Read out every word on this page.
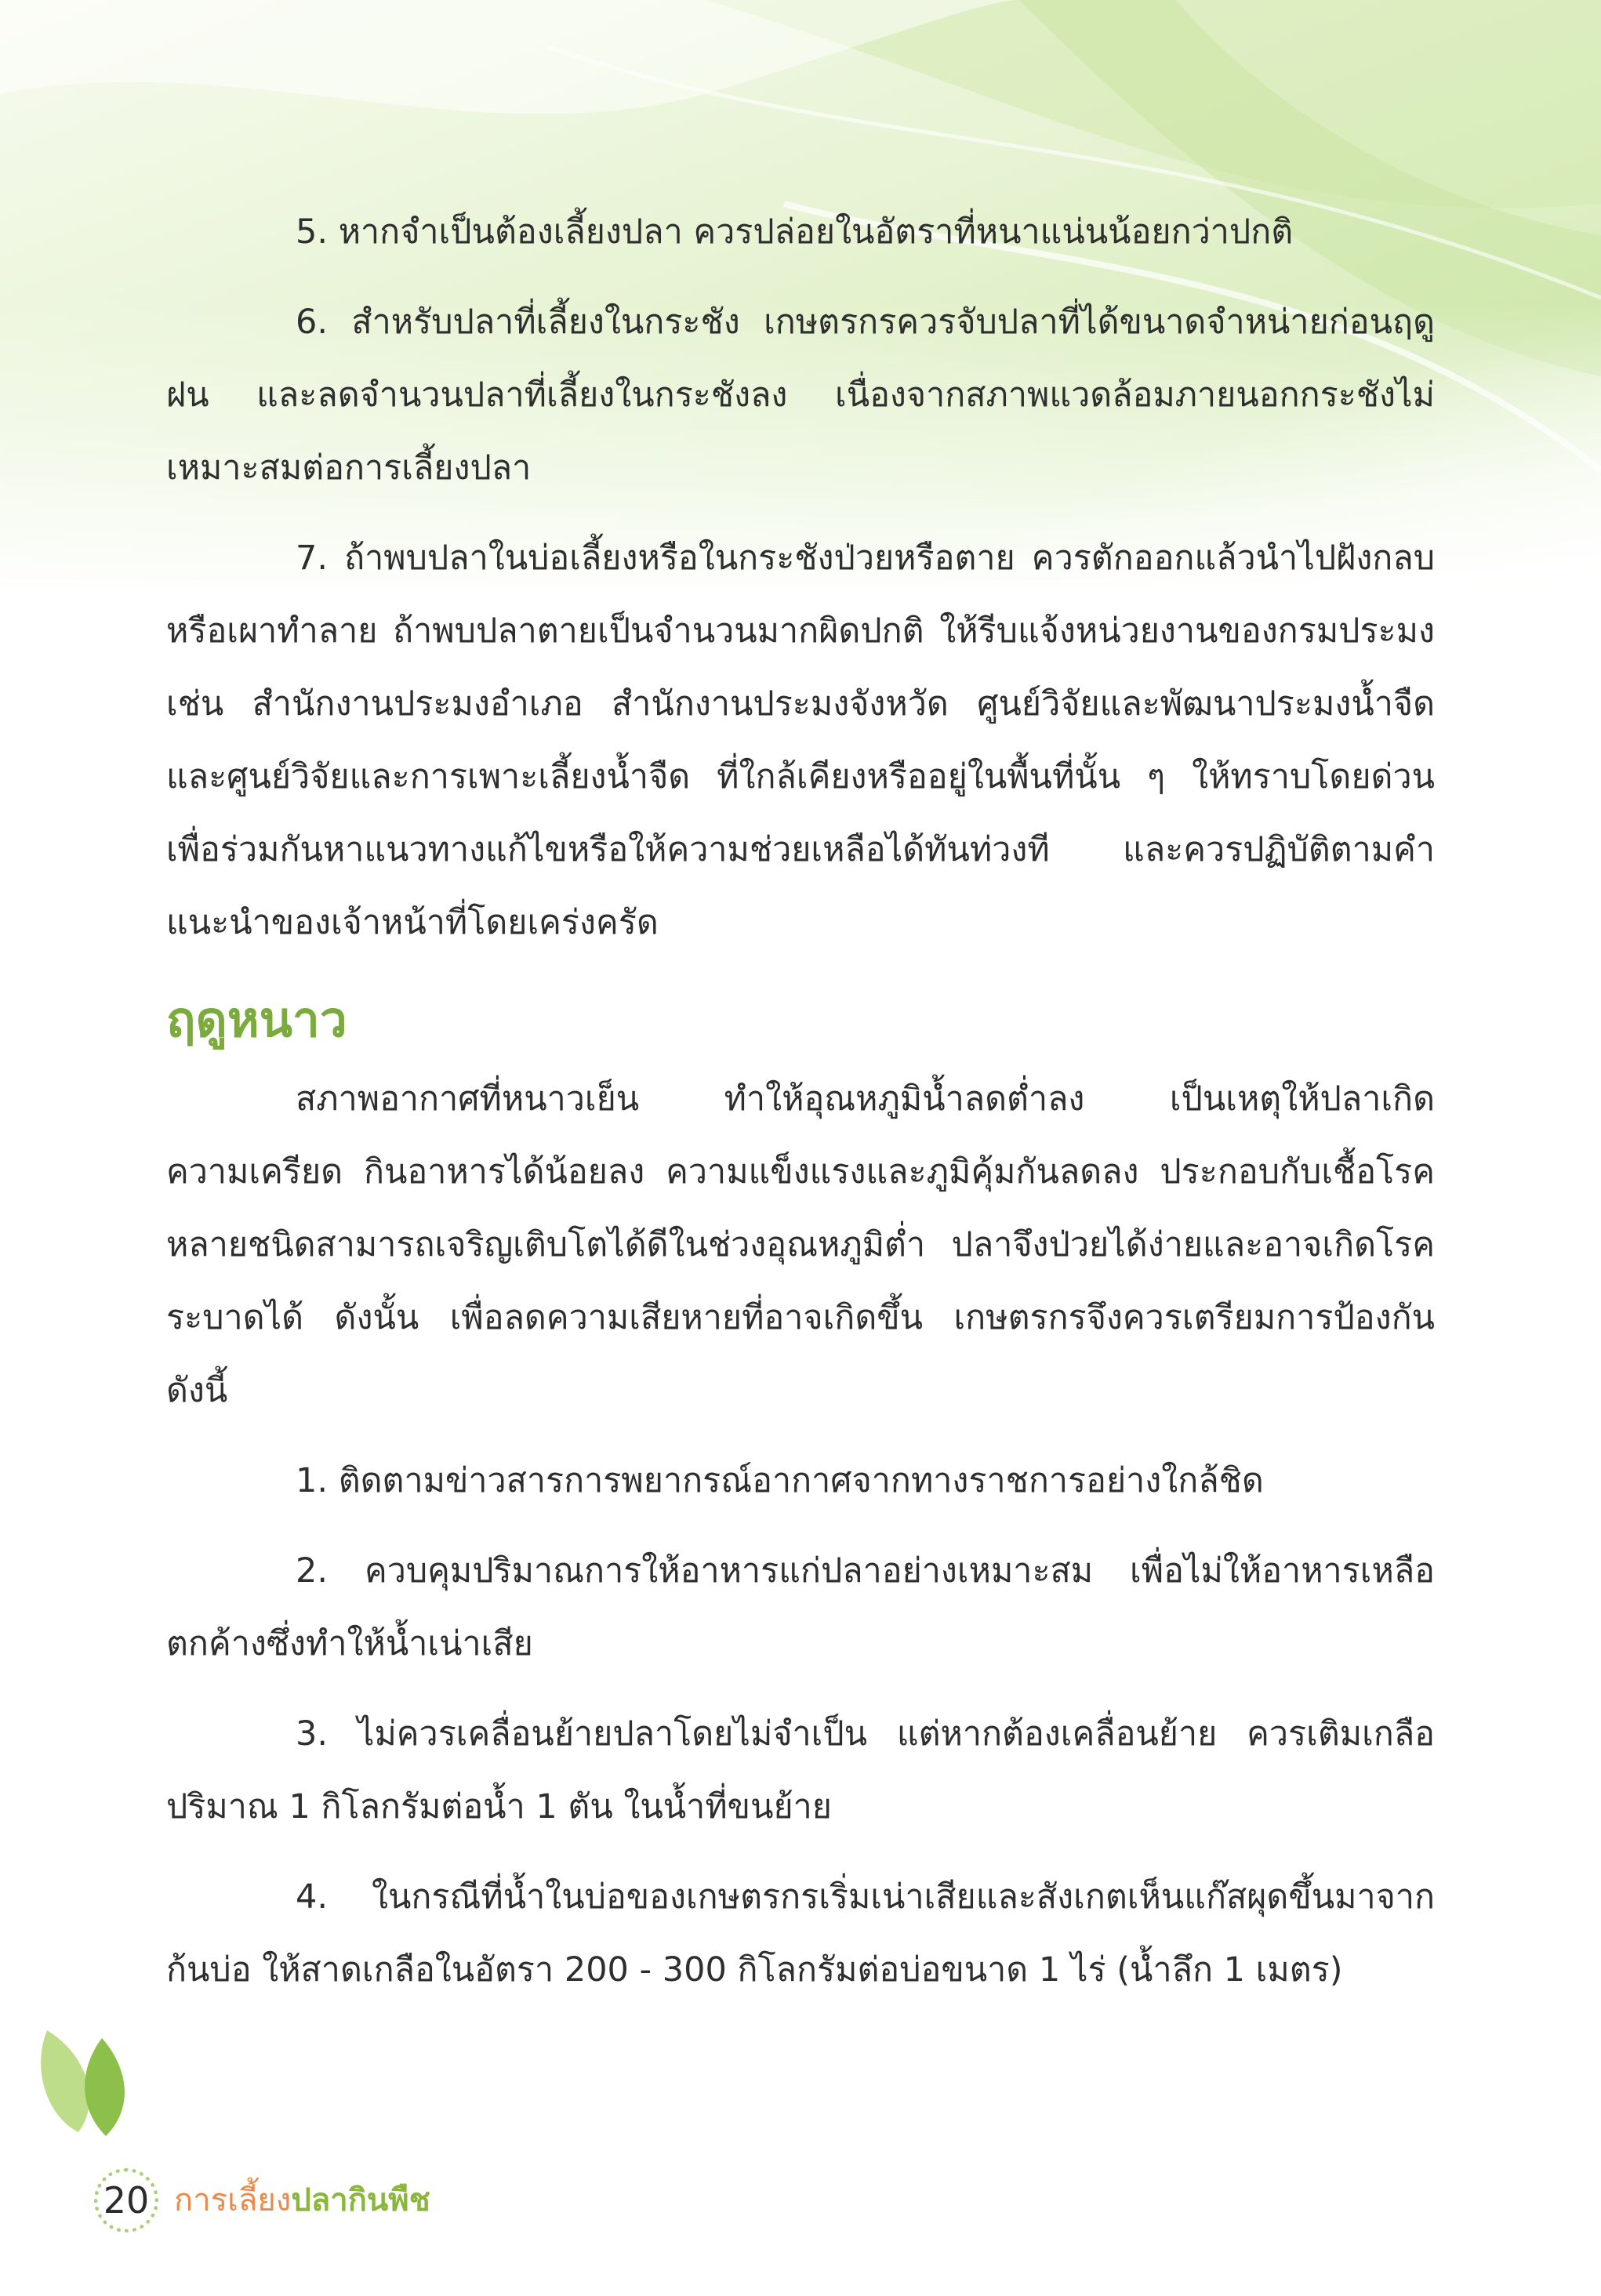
5. หากจำเป็นต้องเลี้ยงปลา ควรปล่อยในอัตราที่หนาแน่นน้อยกว่าปกติ

6. สำหรับปลาที่เลี้ยงในกระชัง เกษตรกรควรจับปลาที่ได้ขนาดจำหน่ายก่อนฤดูฝน และลดจำนวนปลาที่เลี้ยงในกระชังลง เนื่องจากสภาพแวดล้อมภายนอกกระชังไม่เหมาะสมต่อการเลี้ยงปลา

7. ถ้าพบปลาในบ่อเลี้ยงหรือในกระชังป่วยหรือตาย ควรตักออกแล้วนำไปฝังกลบหรือเผาทำลาย ถ้าพบปลาตายเป็นจำนวนมากผิดปกติ ให้รีบแจ้งหน่วยงานของกรมประมง เช่น สำนักงานประมงอำเภอ สำนักงานประมงจังหวัด ศูนย์วิจัยและพัฒนาประมงน้ำจืด และศูนย์วิจัยและการเพาะเลี้ยงน้ำจืด ที่ใกล้เคียงหรืออยู่ในพื้นที่นั้น ๆ ให้ทราบโดยด่วน เพื่อร่วมกันหาแนวทางแก้ไขหรือให้ความช่วยเหลือได้ทันท่วงที และควรปฏิบัติตามคำแนะนำของเจ้าหน้าที่โดยเคร่งครัด

ฤดูหนาว

สภาพอากาศที่หนาวเย็น ทำให้อุณหภูมิน้ำลดต่ำลง เป็นเหตุให้ปลาเกิดความเครียด กินอาหารได้น้อยลง ความแข็งแรงและภูมิคุ้มกันลดลง ประกอบกับเชื้อโรคหลายชนิดสามารถเจริญเติบโตได้ดีในช่วงอุณหภูมิต่ำ ปลาจึงป่วยได้ง่ายและอาจเกิดโรคระบาดได้ ดังนั้น เพื่อลดความเสียหายที่อาจเกิดขึ้น เกษตรกรจึงควรเตรียมการป้องกัน ดังนี้

1. ติดตามข่าวสารการพยากรณ์อากาศจากทางราชการอย่างใกล้ชิด

2. ควบคุมปริมาณการให้อาหารแก่ปลาอย่างเหมาะสม เพื่อไม่ให้อาหารเหลือตกค้างซึ่งทำให้น้ำเน่าเสีย

3. ไม่ควรเคลื่อนย้ายปลาโดยไม่จำเป็น แต่หากต้องเคลื่อนย้าย ควรเติมเกลือปริมาณ 1 กิโลกรัมต่อน้ำ 1 ตัน ในน้ำที่ขนย้าย

4. ในกรณีที่น้ำในบ่อของเกษตรกรเริ่มเน่าเสียและสังเกตเห็นแก๊สผุดขึ้นมาจากก้นบ่อ ให้สาดเกลือในอัตรา 200 - 300 กิโลกรัมต่อบ่อขนาด 1 ไร่ (น้ำลึก 1 เมตร)

20 การเลี้ยงปลากินพืช
